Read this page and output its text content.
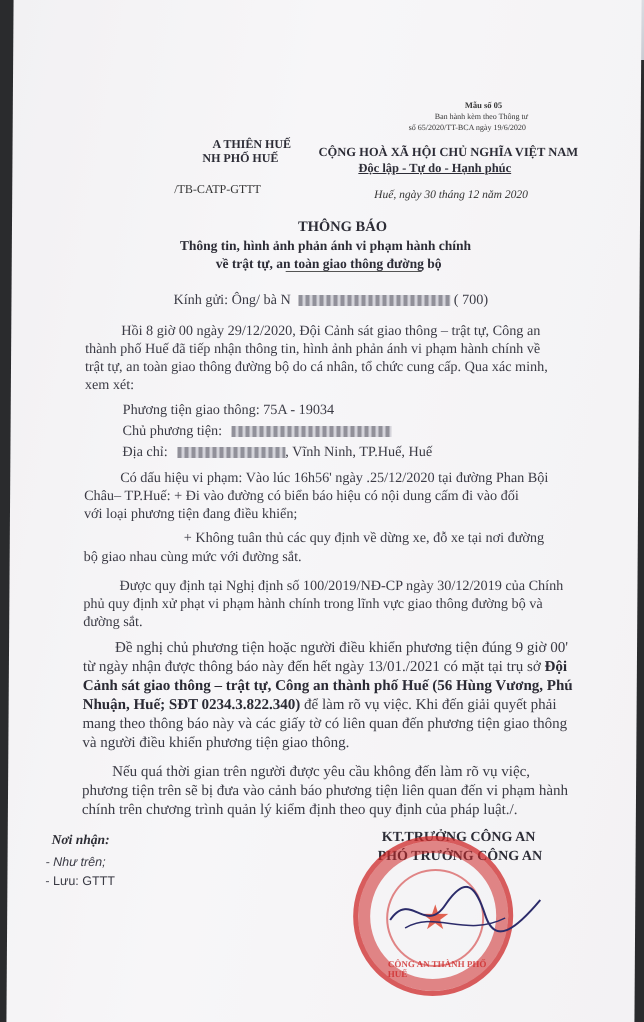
Mẫu số 05
Ban hành kèm theo Thông tư
số 65/2020/TT-BCA ngày 19/6/2020
A THIÊN HUẾ
NH PHỐ HUẾ
/TB-CATP-GTTT
CỘNG HOÀ XÃ HỘI CHỦ NGHĨA VIỆT NAM
Độc lập - Tự do - Hạnh phúc
Huế, ngày 30 tháng 12 năm 2020
THÔNG BÁO
Thông tin, hình ảnh phản ánh vi phạm hành chính
về trật tự, an toàn giao thông đường bộ
Kính gửi: Ông/ bà N	( 700)
Hồi 8 giờ 00 ngày 29/12/2020, Đội Cảnh sát giao thông – trật tự, Công an
thành phố Huế đã tiếp nhận thông tin, hình ảnh phản ánh vi phạm hành chính về
trật tự, an toàn giao thông đường bộ do cá nhân, tổ chức cung cấp. Qua xác minh,
xem xét:
Phương tiện giao thông: 75A - 19034
Chủ phương tiện:
Địa chỉ:	, Vĩnh Ninh, TP.Huế, Huế
Có dấu hiệu vi phạm: Vào lúc 16h56' ngày .25/12/2020 tại đường Phan Bội
Châu– TP.Huế: + Đi vào đường có biển báo hiệu có nội dung cấm đi vào đối
với loại phương tiện đang điều khiển;
+ Không tuân thủ các quy định về dừng xe, đỗ xe tại nơi đường
bộ giao nhau cùng mức với đường sắt.
Được quy định tại Nghị định số 100/2019/NĐ-CP ngày 30/12/2019 của Chính
phủ quy định xử phạt vi phạm hành chính trong lĩnh vực giao thông đường bộ và
đường sắt.
Đề nghị chủ phương tiện hoặc người điều khiển phương tiện đúng 9 giờ 00'
từ ngày nhận được thông báo này đến hết ngày 13/01./2021 có mặt tại trụ sở Đội
Cảnh sát giao thông – trật tự, Công an thành phố Huế (56 Hùng Vương, Phú
Nhuận, Huế; SĐT 0234.3.822.340) để làm rõ vụ việc. Khi đến giải quyết phải
mang theo thông báo này và các giấy tờ có liên quan đến phương tiện giao thông
và người điều khiển phương tiện giao thông.
Nếu quá thời gian trên người được yêu cầu không đến làm rõ vụ việc,
phương tiện trên sẽ bị đưa vào cảnh báo phương tiện liên quan đến vi phạm hành
chính trên chương trình quản lý kiểm định theo quy định của pháp luật./.
Nơi nhận:
- Như trên;
- Lưu: GTTT
KT.TRƯỞNG CÔNG AN
PHÓ TRƯỞNG CÔNG AN
★
CÔNG AN THÀNH PHỐ HUẾ
